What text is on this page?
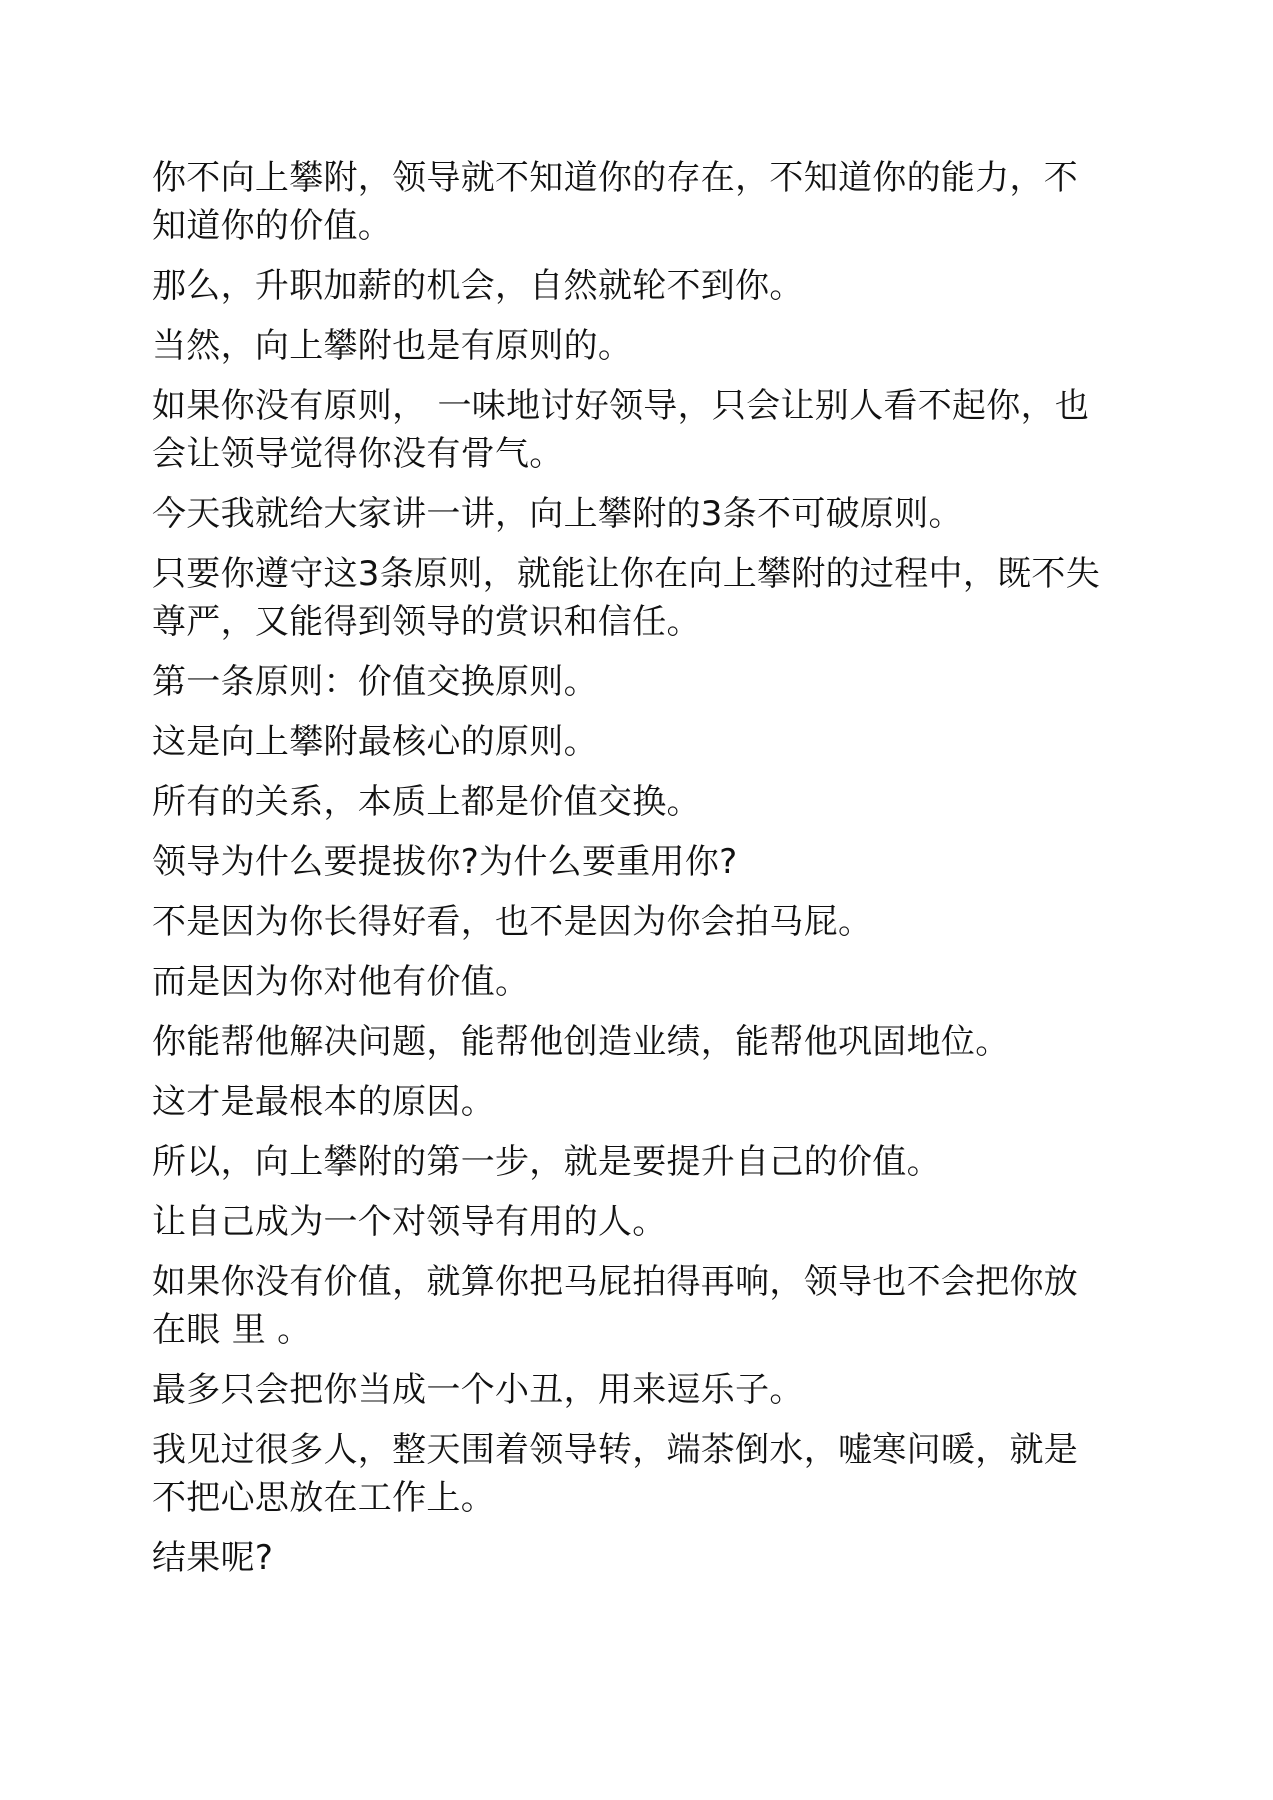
你不向上攀附，领导就不知道你的存在，不知道你的能力，不知道你的价值。

那么，升职加薪的机会，自然就轮不到你。

当然，向上攀附也是有原则的。

如果你没有原则， 一味地讨好领导，只会让别人看不起你，也会让领导觉得你没有骨气。

今天我就给大家讲一讲，向上攀附的3条不可破原则。

只要你遵守这3条原则，就能让你在向上攀附的过程中，既不失尊严，又能得到领导的赏识和信任。

第一条原则：价值交换原则。

这是向上攀附最核心的原则。

所有的关系，本质上都是价值交换。

领导为什么要提拔你?为什么要重用你?

不是因为你长得好看，也不是因为你会拍马屁。

而是因为你对他有价值。

你能帮他解决问题，能帮他创造业绩，能帮他巩固地位。

这才是最根本的原因。

所以，向上攀附的第一步，就是要提升自己的价值。

让自己成为一个对领导有用的人。

如果你没有价值，就算你把马屁拍得再响，领导也不会把你放在眼 里 。

最多只会把你当成一个小丑，用来逗乐子。

我见过很多人，整天围着领导转，端茶倒水，嘘寒问暖，就是不把心思放在工作上。

结果呢?
